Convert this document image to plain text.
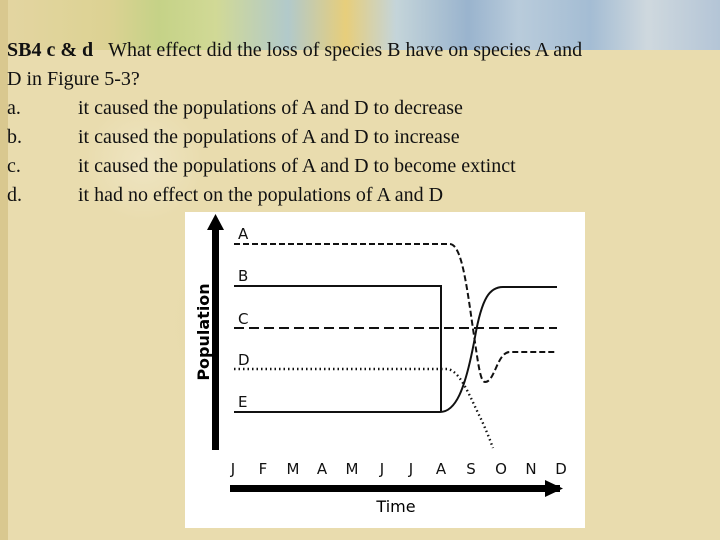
SB4 c & d What effect did the loss of species B have on species A and
D in Figure 5-3?
a.	it caused the populations of A and D to decrease
b.	it caused the populations of A and D to increase
c.	it caused the populations of A and D to become extinct
d.	it had no effect on the populations of A and D
Population
Time
J F M A M J J A S O N D
A
B
C
D
E
